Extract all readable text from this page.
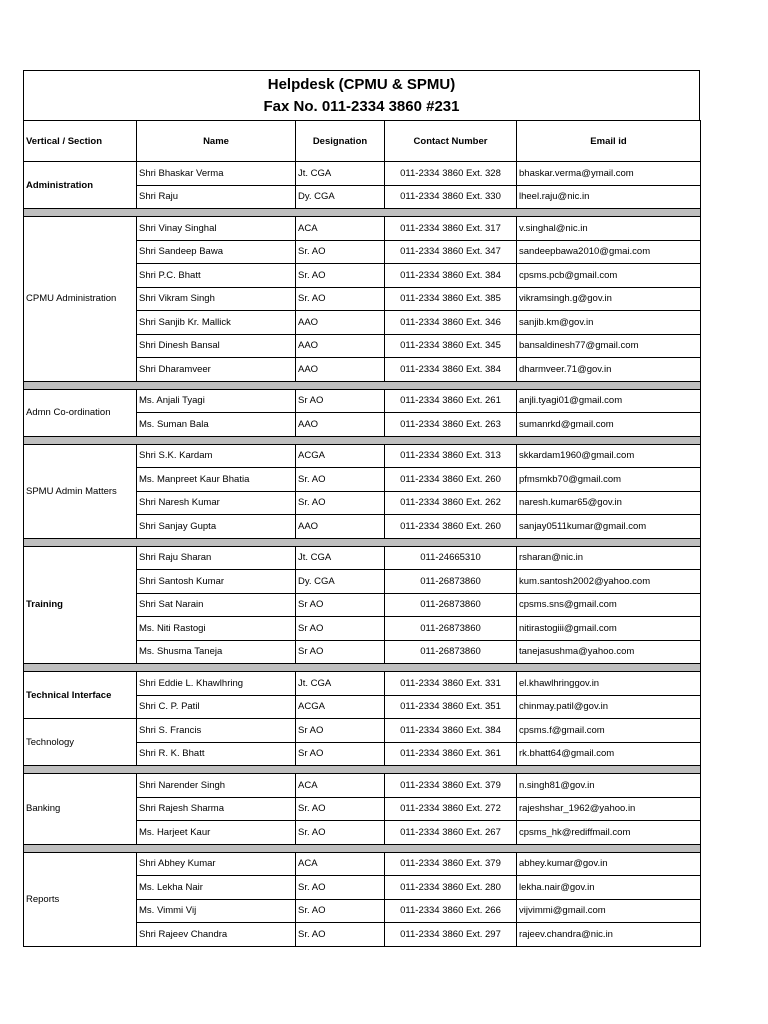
Helpdesk (CPMU & SPMU)
Fax No. 011-2334 3860 #231
Vertical / Section	Name	Designation	Contact Number	Email id
Administration	Shri Bhaskar Verma	Jt. CGA	011-2334 3860 Ext. 328	bhaskar.verma@ymail.com
	Shri Raju	Dy. CGA	011-2334 3860 Ext. 330	lheel.raju@nic.in

CPMU Administration	Shri Vinay Singhal	ACA	011-2334 3860 Ext. 317	v.singhal@nic.in
	Shri Sandeep Bawa	Sr. AO	011-2334 3860 Ext. 347	sandeepbawa2010@gmai.com
	Shri P.C. Bhatt	Sr. AO	011-2334 3860 Ext. 384	cpsms.pcb@gmail.com
	Shri Vikram Singh	Sr. AO	011-2334 3860 Ext. 385	vikramsingh.g@gov.in
	Shri Sanjib Kr. Mallick	AAO	011-2334 3860 Ext. 346	sanjib.km@gov.in
	Shri Dinesh Bansal	AAO	011-2334 3860 Ext. 345	bansaldinesh77@gmail.com
	Shri Dharamveer	AAO	011-2334 3860 Ext. 384	dharmveer.71@gov.in

Admn Co-ordination	Ms. Anjali Tyagi	Sr AO	011-2334 3860 Ext. 261	anjli.tyagi01@gmail.com
	Ms. Suman Bala	AAO	011-2334 3860 Ext. 263	sumanrkd@gmail.com

SPMU Admin Matters	Shri S.K. Kardam	ACGA	011-2334 3860 Ext. 313	skkardam1960@gmail.com
	Ms. Manpreet Kaur Bhatia	Sr. AO	011-2334 3860 Ext. 260	pfmsmkb70@gmail.com
	Shri Naresh Kumar	Sr. AO	011-2334 3860 Ext. 262	naresh.kumar65@gov.in
	Shri Sanjay Gupta	AAO	011-2334 3860 Ext. 260	sanjay0511kumar@gmail.com

Training	Shri Raju Sharan	Jt. CGA	011-24665310	rsharan@nic.in
	Shri Santosh Kumar	Dy. CGA	011-26873860	kum.santosh2002@yahoo.com
	Shri Sat Narain	Sr AO	011-26873860	cpsms.sns@gmail.com
	Ms. Niti Rastogi	Sr AO	011-26873860	nitirastogiii@gmail.com
	Ms. Shusma Taneja	Sr AO	011-26873860	tanejasushma@yahoo.com

Technical Interface	Shri Eddie L. Khawlhring	Jt. CGA	011-2334 3860 Ext. 331	el.khawlhringgov.in
	Shri C. P. Patil	ACGA	011-2334 3860 Ext. 351	chinmay.patil@gov.in
Technology	Shri S. Francis	Sr AO	011-2334 3860 Ext. 384	cpsms.f@gmail.com
	Shri R. K. Bhatt	Sr AO	011-2334 3860 Ext. 361	rk.bhatt64@gmail.com

Banking	Shri Narender Singh	ACA	011-2334 3860 Ext. 379	n.singh81@gov.in
	Shri Rajesh Sharma	Sr. AO	011-2334 3860 Ext. 272	rajeshshar_1962@yahoo.in
	Ms. Harjeet Kaur	Sr. AO	011-2334 3860 Ext. 267	cpsms_hk@rediffmail.com

Reports	Shri Abhey Kumar	ACA	011-2334 3860 Ext. 379	abhey.kumar@gov.in
	Ms. Lekha Nair	Sr. AO	011-2334 3860 Ext. 280	lekha.nair@gov.in
	Ms. Vimmi Vij	Sr. AO	011-2334 3860 Ext. 266	vijvimmi@gmail.com
	Shri Rajeev Chandra	Sr. AO	011-2334 3860 Ext. 297	rajeev.chandra@nic.in
